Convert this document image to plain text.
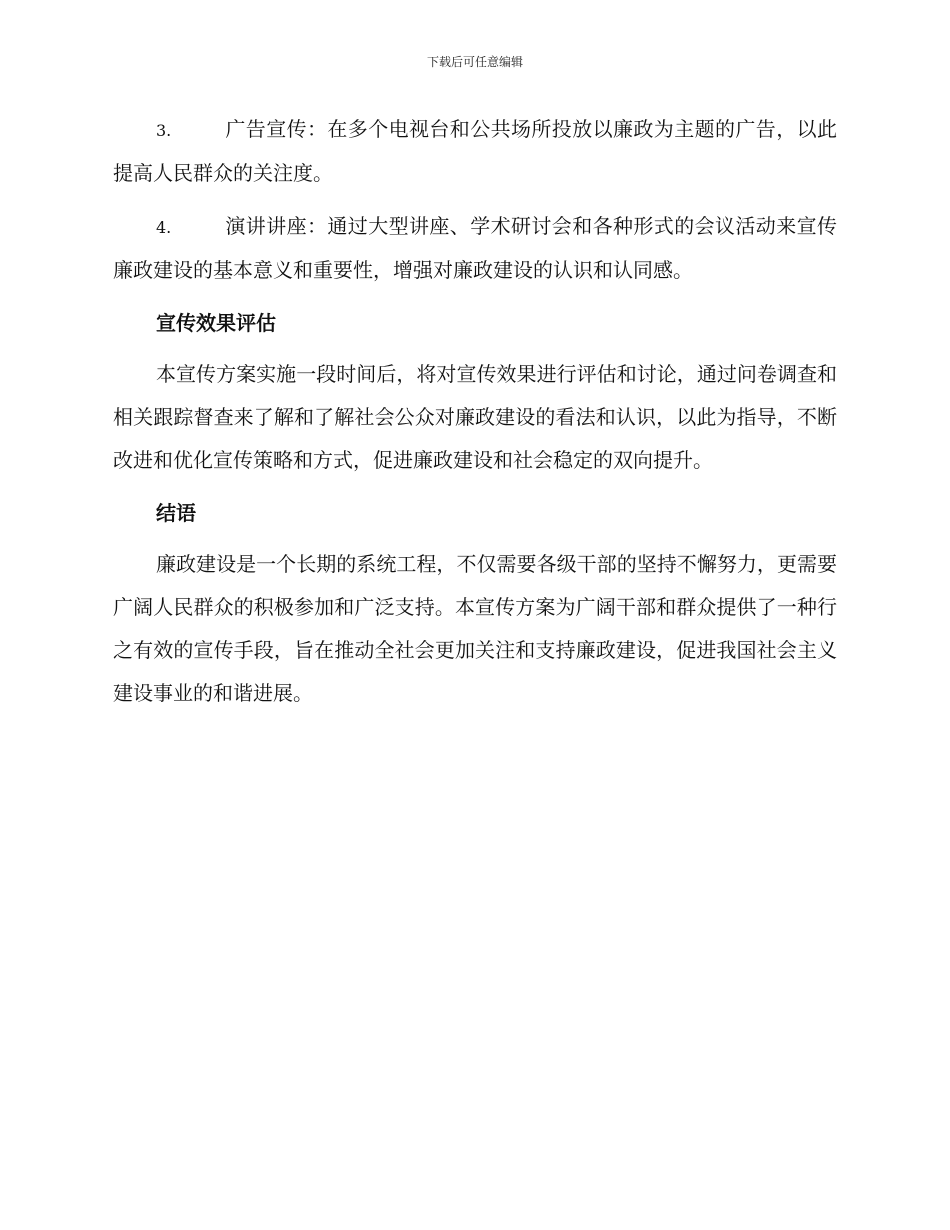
下载后可任意编辑

3.	广告宣传：在多个电视台和公共场所投放以廉政为主题的广告，以此提高人民群众的关注度。

4.	演讲讲座：通过大型讲座、学术研讨会和各种形式的会议活动来宣传廉政建设的基本意义和重要性，增强对廉政建设的认识和认同感。

宣传效果评估

本宣传方案实施一段时间后，将对宣传效果进行评估和讨论，通过问卷调查和相关跟踪督查来了解和了解社会公众对廉政建设的看法和认识，以此为指导，不断改进和优化宣传策略和方式，促进廉政建设和社会稳定的双向提升。

结语

廉政建设是一个长期的系统工程，不仅需要各级干部的坚持不懈努力，更需要广阔人民群众的积极参加和广泛支持。本宣传方案为广阔干部和群众提供了一种行之有效的宣传手段，旨在推动全社会更加关注和支持廉政建设，促进我国社会主义建设事业的和谐进展。
